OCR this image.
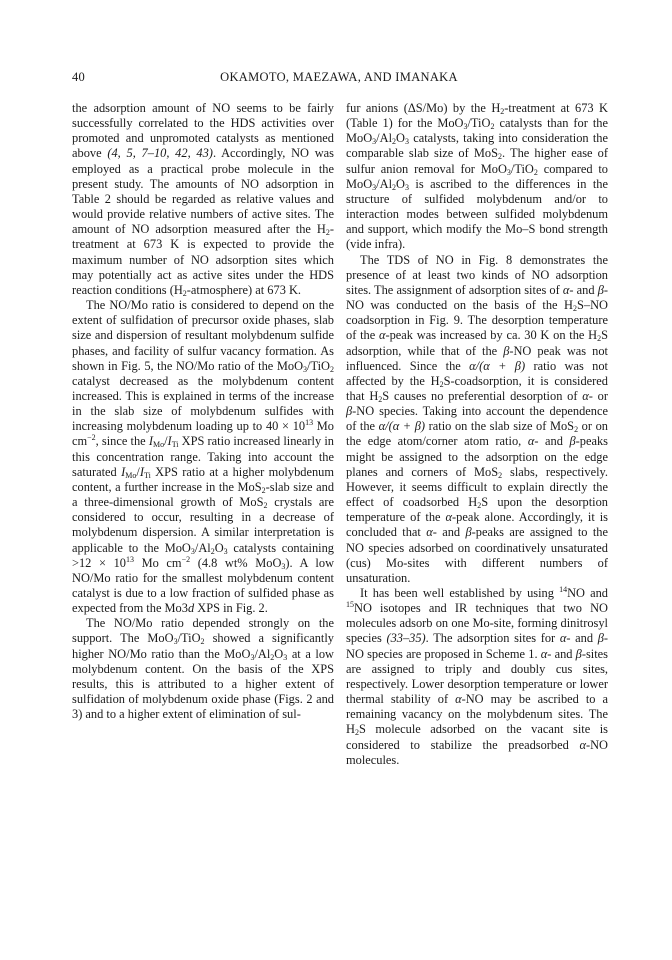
40	OKAMOTO, MAEZAWA, AND IMANAKA

the adsorption amount of NO seems to be fairly successfully correlated to the HDS activities over promoted and unpromoted catalysts as mentioned above (4, 5, 7–10, 42, 43). Accordingly, NO was employed as a practical probe molecule in the present study. The amounts of NO adsorption in Table 2 should be regarded as relative values and would provide relative numbers of active sites. The amount of NO adsorption measured after the $H_2$-treatment at 673 K is expected to provide the maximum number of NO adsorption sites which may potentially act as active sites under the HDS reaction conditions $(H_2-atmosphere)$ at 673 K.

The NO/Mo ratio is considered to depend on the extent of sulfidation of precursor oxide phases, slab size and dispersion of resultant molybdenum sulfide phases, and facility of sulfur vacancy formation. As shown in Fig. 5, the NO/Mo ratio of the MoO$_3$/TiO$_2$ catalyst decreased as the molybdenum content increased. This is explained in terms of the increase in the slab size of molybdenum sulfides with increasing molybdenum loading up to $40 \times 10^{13}$ Mo $cm^{-2}$, since the $I_{Mo}/I_{Ti}$ XPS ratio increased linearly in this concentration range. Taking into account the saturated $I_{Mo}/I_{Ti}$ XPS ratio at a higher molybdenum content, a further increase in the MoS$_2$-slab size and a three-dimensional growth of MoS$_2$ crystals are considered to occur, resulting in a decrease of molybdenum dispersion. A similar interpretation is applicable to the $MoO_3/Al_2O_3$ catalysts containing $>12 \times 10^{13}$ Mo $cm^{-2}$ (4.8 wt% MoO$_3$). A low NO/Mo ratio for the smallest molybdenum content catalyst is due to a low fraction of sulfided phase as expected from the Mo3d XPS in Fig. 2.

The NO/Mo ratio depended strongly on the support. The MoO$_3$/TiO$_2$ showed a significantly higher NO/Mo ratio than the $MoO_3/Al_2O_3$ at a low molybdenum content. On the basis of the XPS results, this is attributed to a higher extent of sulfidation of molybdenum oxide phase (Figs. 2 and 3) and to a higher extent of elimination of sul-

fur anions (ΔS/Mo) by the $H_2$-treatment at 673 K (Table 1) for the MoO$_3$/TiO$_2$ catalysts than for the $MoO_3/Al_2O_3$ catalysts, taking into consideration the comparable slab size of MoS$_2$. The higher ease of sulfur anion removal for MoO$_3$/TiO$_2$ compared to $MoO_3/Al_2O_3$ is ascribed to the differences in the structure of sulfided molybdenum and/or to interaction modes between sulfided molybdenum and support, which modify the Mo–S bond strength (vide infra).

The TDS of NO in Fig. 8 demonstrates the presence of at least two kinds of NO adsorption sites. The assignment of adsorption sites of α- and β-NO was conducted on the basis of the $H_2S-NO$ coadsorption in Fig. 9. The desorption temperature of the α-peak was increased by ca. 30 K on the $H_2S$ adsorption, while that of the β-NO peak was not influenced. Since the α/(α + β) ratio was not affected by the $H_2S$-coadsorption, it is considered that $H_2S$ causes no preferential desorption of α- or β-NO species. Taking into account the dependence of the α/(α + β) ratio on the slab size of MoS$_2$ or on the edge atom/corner atom ratio, α- and β-peaks might be assigned to the adsorption on the edge planes and corners of MoS$_2$ slabs, respectively. However, it seems difficult to explain directly the effect of coadsorbed $H_2S$ upon the desorption temperature of the α-peak alone. Accordingly, it is concluded that α- and β-peaks are assigned to the NO species adsorbed on coordinatively unsaturated (cus) Mo-sites with different numbers of unsaturation.

It has been well established by using $^{14}$NO and $^{15}$NO isotopes and IR techniques that two NO molecules adsorb on one Mo-site, forming dinitrosyl species (33–35). The adsorption sites for α- and β-NO species are proposed in Scheme 1. α- and β-sites are assigned to triply and doubly cus sites, respectively. Lower desorption temperature or lower thermal stability of α-NO may be ascribed to a remaining vacancy on the molybdenum sites. The $H_2S$ molecule adsorbed on the vacant site is considered to stabilize the preadsorbed α-NO molecules.
